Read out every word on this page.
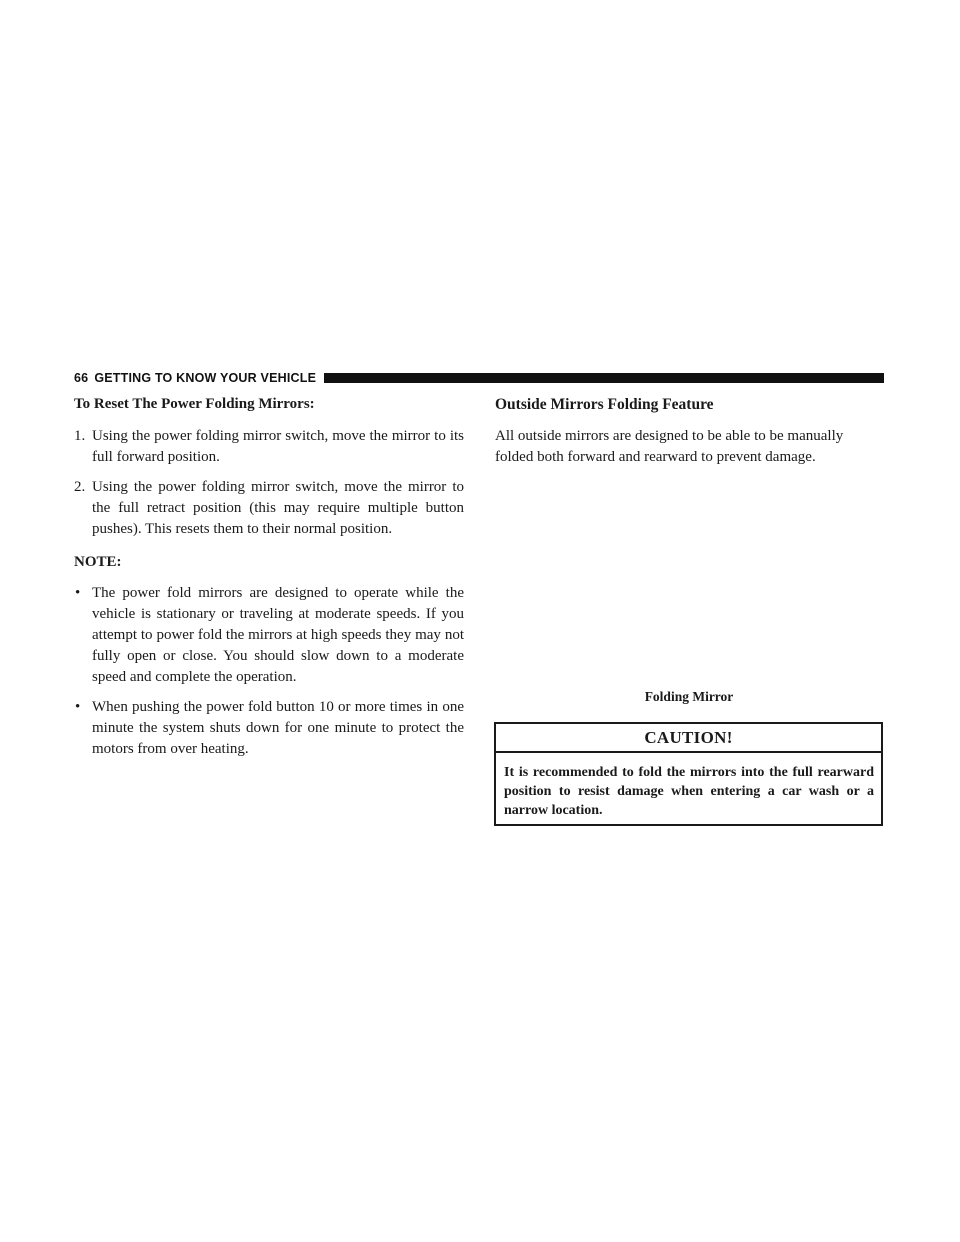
66 GETTING TO KNOW YOUR VEHICLE
To Reset The Power Folding Mirrors:
1. Using the power folding mirror switch, move the mirror to its full forward position.
2. Using the power folding mirror switch, move the mirror to the full retract position (this may require multiple button pushes). This resets them to their normal position.
NOTE:
• The power fold mirrors are designed to operate while the vehicle is stationary or traveling at moderate speeds. If you attempt to power fold the mirrors at high speeds they may not fully open or close. You should slow down to a moderate speed and complete the operation.
• When pushing the power fold button 10 or more times in one minute the system shuts down for one minute to protect the motors from over heating.
Outside Mirrors Folding Feature
All outside mirrors are designed to be able to be manually folded both forward and rearward to prevent damage.
Folding Mirror
CAUTION!
It is recommended to fold the mirrors into the full rearward position to resist damage when entering a car wash or a narrow location.
